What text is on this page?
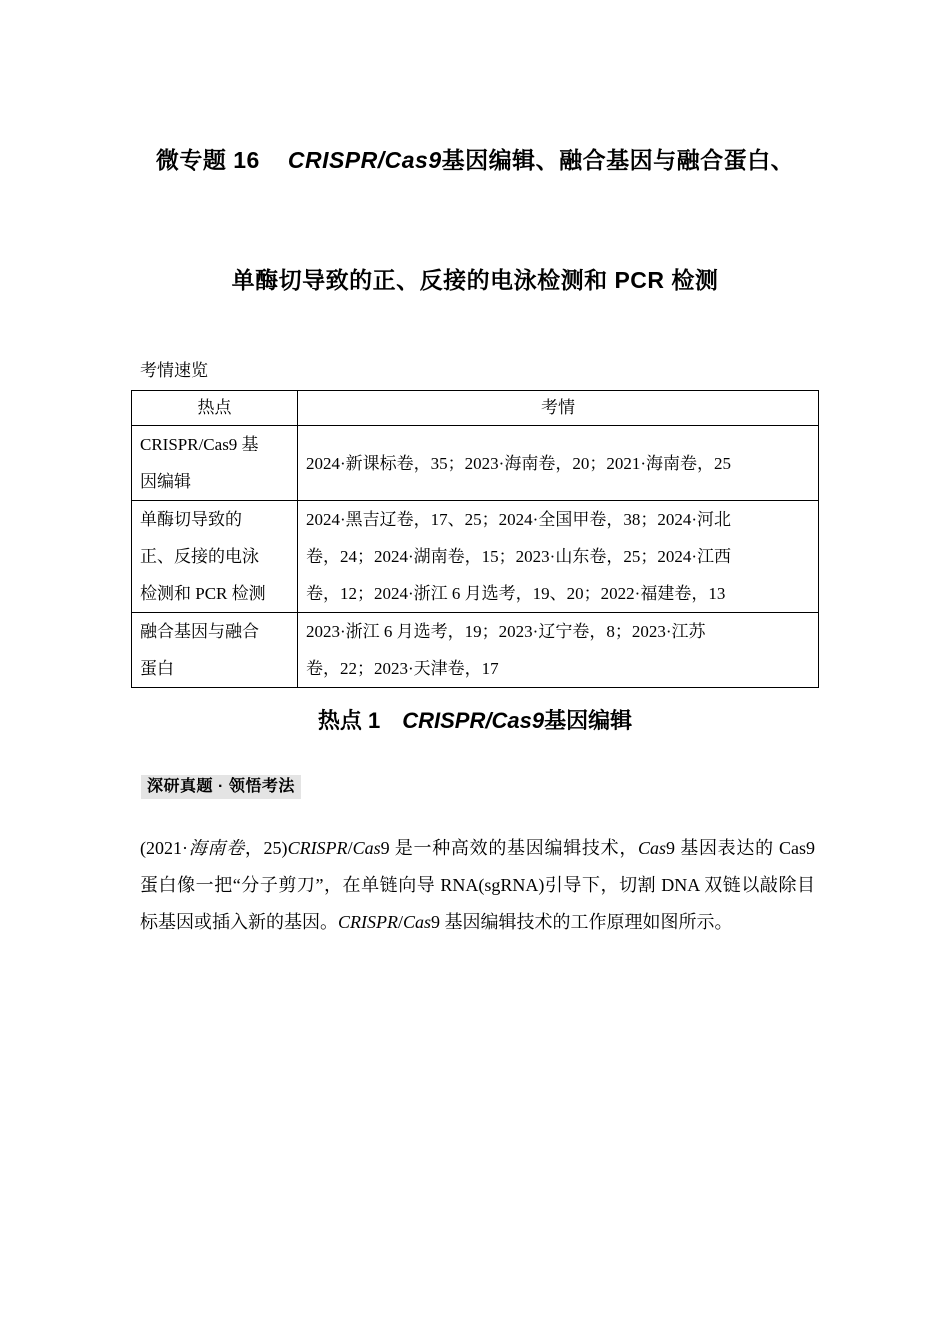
微专题 16 CRISPR/Cas9基因编辑、融合基因与融合蛋白、
单酶切导致的正、反接的电泳检测和 PCR 检测
考情速览
热点	考情

CRISPR/Cas9 基
因编辑	2024·新课标卷，35；2023·海南卷，20；2021·海南卷，25

单酶切导致的
正、反接的电泳
检测和 PCR 检测	2024·黑吉辽卷，17、25；2024·全国甲卷，38；2024·河北
卷，24；2024·湖南卷，15；2023·山东卷，25；2024·江西
卷，12；2024·浙江 6 月选考，19、20；2022·福建卷，13

融合基因与融合
蛋白	2023·浙江 6 月选考，19；2023·辽宁卷，8；2023·江苏
卷，22；2023·天津卷，17
热点 1 CRISPR/Cas9基因编辑
深研真题 · 领悟考法
(2021·海南卷，25)CRISPR/Cas9 是一种高效的基因编辑技术，Cas9 基因表达的 Cas9 蛋白像一把“分子剪刀”，在单链向导 RNA(sgRNA)引导下，切割 DNA 双链以敲除目标基因或插入新的基因。CRISPR/Cas9 基因编辑技术的工作原理如图所示。
